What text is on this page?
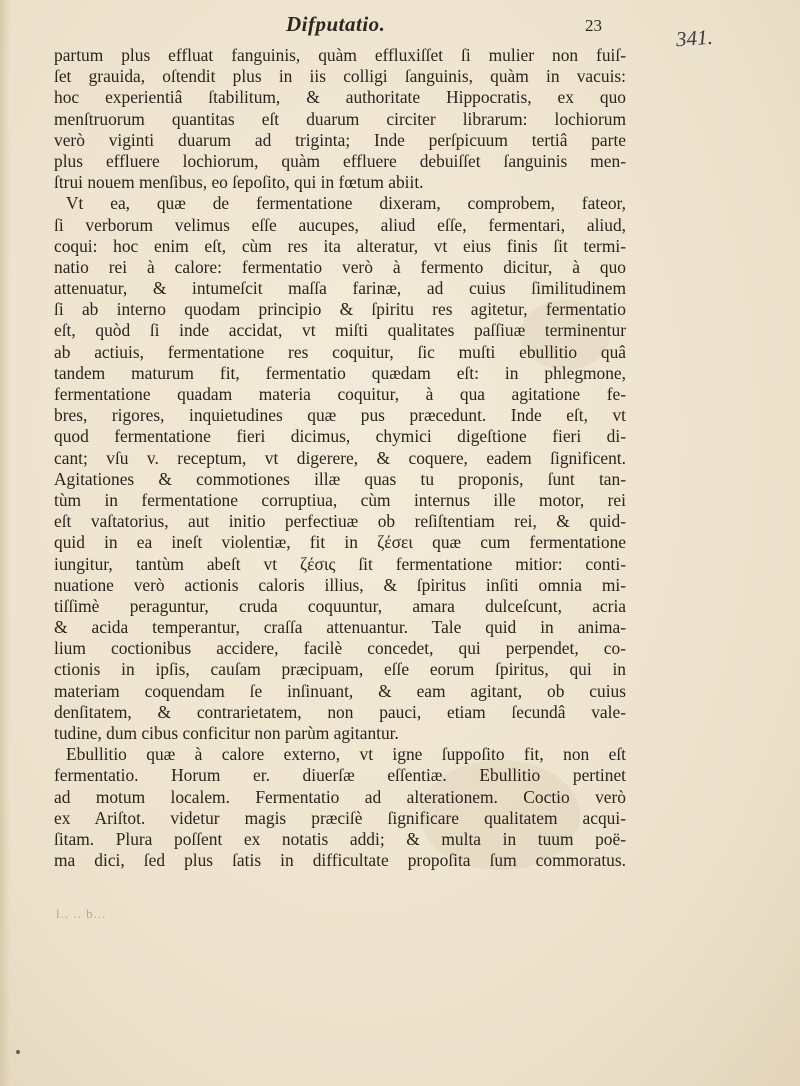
Difputatio.	23	341.
partum plus effluat fanguinis, quàm effluxiſſet ſi mulier non fuiſ-
ſet grauida, oſtendit plus in iis colligi ſanguinis, quàm in vacuis:
hoc experientiâ ſtabilitum, & authoritate Hippocratis, ex quo
menſtruorum quantitas eſt duarum circiter librarum: lochiorum
verò viginti duarum ad triginta; Inde perſpicuum tertiâ parte
plus effluere lochiorum, quàm effluere debuiſſet ſanguinis men-
ſtrui nouem menſibus, eo ſepoſito, qui in fœtum abiit.
Vt ea, quæ de fermentatione dixeram, comprobem, fateor,
ſi verborum velimus eſſe aucupes, aliud eſſe, fermentari, aliud,
coqui: hoc enim eſt, cùm res ita alteratur, vt eius finis ſit termi-
natio rei à calore: fermentatio verò à fermento dicitur, à quo
attenuatur, & intumeſcit maſſa farinæ, ad cuius ſimilitudinem
ſi ab interno quodam principio & ſpiritu res agitetur, fermentatio
eſt, quòd ſi inde accidat, vt miſti qualitates paſſiuæ terminentur
ab actiuis, fermentatione res coquitur, ſic muſti ebullitio quâ
tandem maturum fit, fermentatio quædam eſt: in phlegmone,
fermentatione quadam materia coquitur, à qua agitatione fe-
bres, rigores, inquietudines quæ pus præcedunt. Inde eſt, vt
quod fermentatione fieri dicimus, chymici digeſtione fieri di-
cant; vſu v. receptum, vt digerere, & coquere, eadem ſignificent.
Agitationes & commotiones illæ quas tu proponis, ſunt tan-
tùm in fermentatione corruptiua, cùm internus ille motor, rei
eſt vaſtatorius, aut initio perfectiuæ ob reſiſtentiam rei, & quid-
quid in ea ineſt violentiæ, fit in ζέσει quæ cum fermentatione
iungitur, tantùm abeſt vt ζέσις ſit fermentatione mitior: conti-
nuatione verò actionis caloris illius, & ſpiritus inſiti omnia mi-
tiſſimè peraguntur, cruda coquuntur, amara dulceſcunt, acria
& acida temperantur, craſſa attenuantur. Tale quid in anima-
lium coctionibus accidere, facilè concedet, qui perpendet, co-
ctionis in ipſis, cauſam præcipuam, eſſe eorum ſpiritus, qui in
materiam coquendam ſe inſinuant, & eam agitant, ob cuius
denſitatem, & contrarietatem, non pauci, etiam ſecundâ vale-
tudine, dum cibus conficitur non parùm agitantur.
Ebullitio quæ à calore externo, vt igne ſuppoſito fit, non eſt
fermentatio. Horum er. diuerſæ eſſentiæ. Ebullitio pertinet
ad motum localem. Fermentatio ad alterationem. Coctio verò
ex Ariſtot. videtur magis præciſè ſignificare qualitatem acqui-
ſitam. Plura poſſent ex notatis addi; & multa in tuum poë-
ma dici, ſed plus ſatis in difficultate propoſita ſum commoratus.
l.. .. b...
